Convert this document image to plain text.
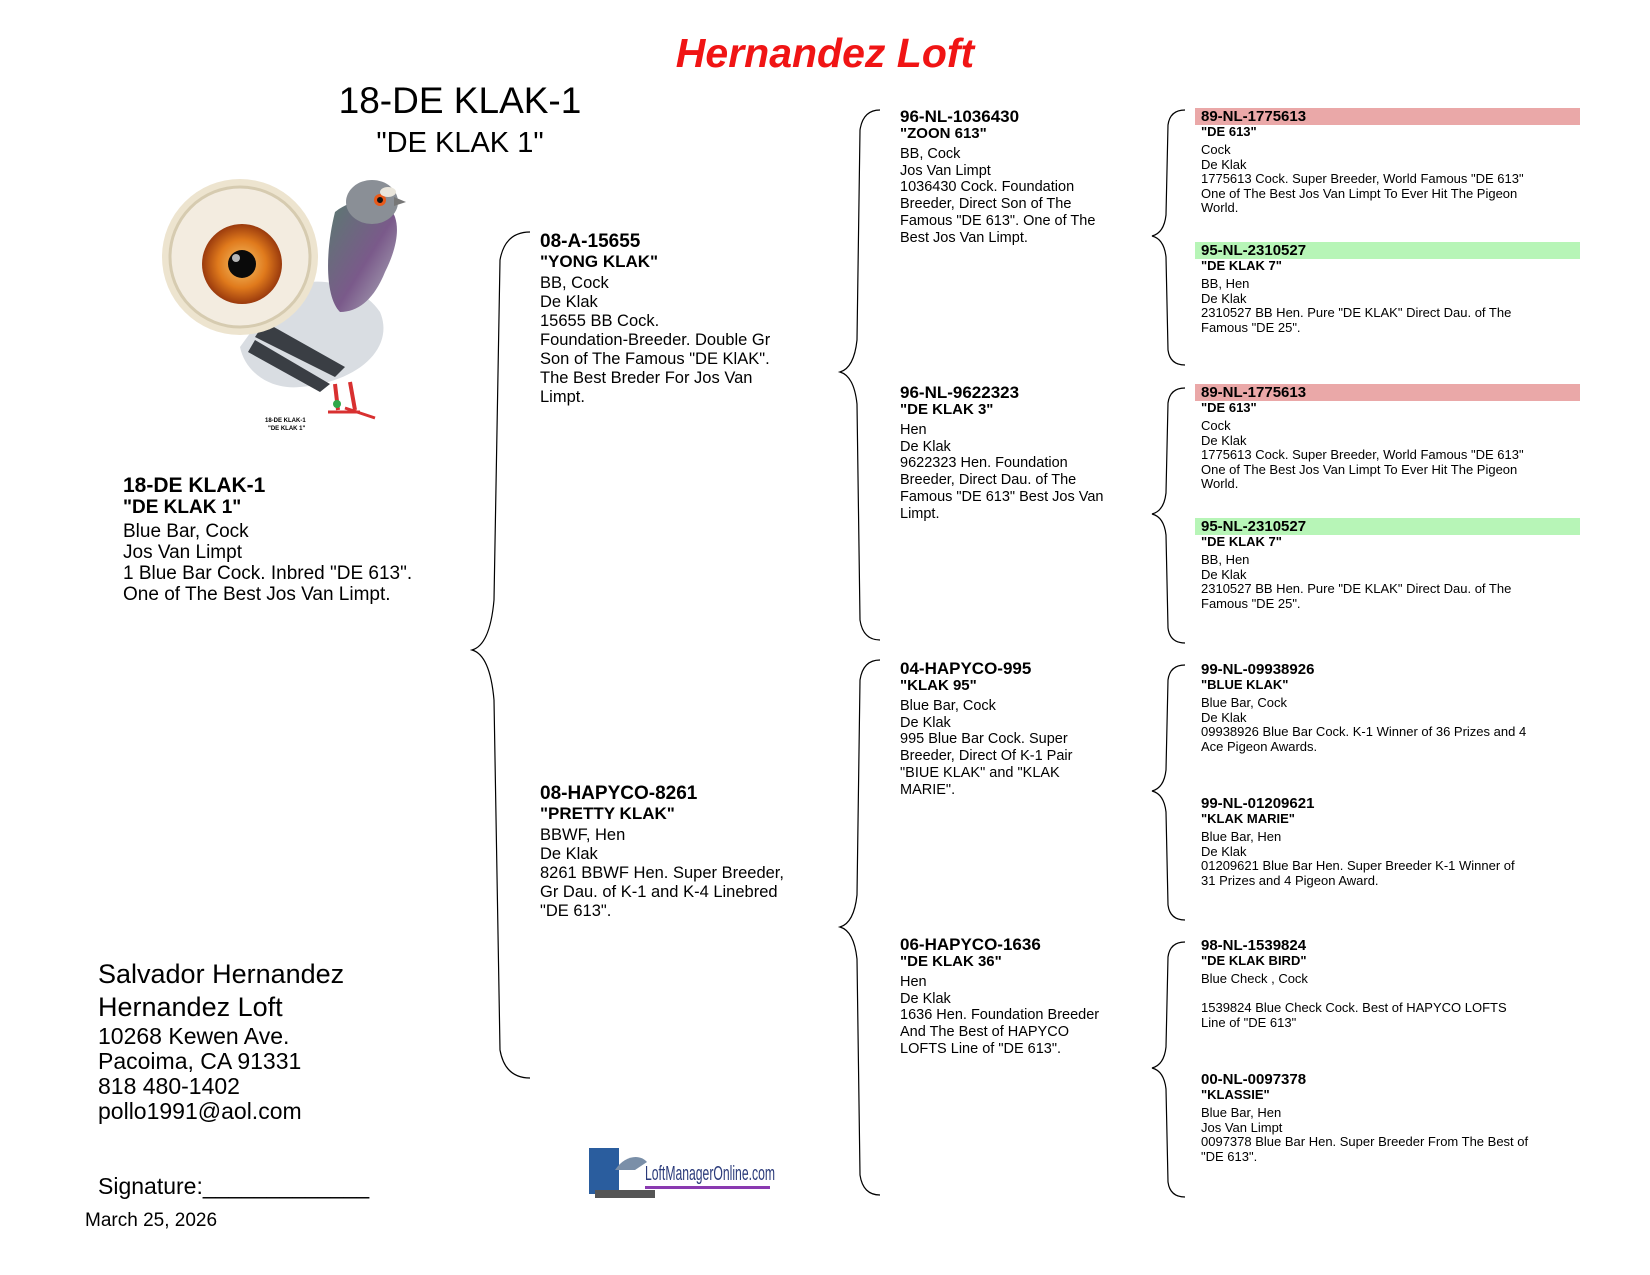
Hernandez Loft
18-DE KLAK-1
"DE KLAK 1"
18-DE KLAK-1
"DE KLAK 1"
18-DE KLAK-1
"DE KLAK 1"
Blue Bar, Cock
Jos Van Limpt
1 Blue Bar Cock. Inbred "DE 613".
One of The Best Jos Van Limpt.
08-A-15655
"YONG KLAK"
BB, Cock
De Klak
15655 BB Cock.
Foundation-Breeder. Double Gr
Son of The Famous "DE KlAK".
The Best Breder For Jos Van
Limpt.
08-HAPYCO-8261
"PRETTY KLAK"
BBWF, Hen
De Klak
8261 BBWF Hen. Super Breeder,
Gr Dau. of K-1 and K-4 Linebred
"DE 613".
96-NL-1036430
"ZOON 613"
BB, Cock
Jos Van Limpt
1036430 Cock. Foundation
Breeder, Direct Son of The
Famous "DE 613". One of The
Best Jos Van Limpt.
96-NL-9622323
"DE KLAK 3"
Hen
De Klak
9622323 Hen. Foundation
Breeder, Direct Dau. of The
Famous "DE 613" Best Jos Van
Limpt.
04-HAPYCO-995
"KLAK 95"
Blue Bar, Cock
De Klak
995 Blue Bar Cock. Super
Breeder, Direct Of K-1 Pair
"BIUE KLAK" and "KLAK
MARIE".
06-HAPYCO-1636
"DE KLAK 36"
Hen
De Klak
1636 Hen. Foundation Breeder
And The Best of HAPYCO
LOFTS Line of "DE 613".
89-NL-1775613
"DE 613"
Cock
De Klak
1775613 Cock. Super Breeder, World Famous "DE 613"
One of The Best Jos Van Limpt To Ever Hit The Pigeon
World.
95-NL-2310527
"DE KLAK 7"
BB, Hen
De Klak
2310527 BB Hen. Pure "DE KLAK" Direct Dau. of The
Famous "DE 25".
89-NL-1775613
"DE 613"
Cock
De Klak
1775613 Cock. Super Breeder, World Famous "DE 613"
One of The Best Jos Van Limpt To Ever Hit The Pigeon
World.
95-NL-2310527
"DE KLAK 7"
BB, Hen
De Klak
2310527 BB Hen. Pure "DE KLAK" Direct Dau. of The
Famous "DE 25".
99-NL-09938926
"BLUE KLAK"
Blue Bar, Cock
De Klak
09938926 Blue Bar Cock. K-1 Winner of 36 Prizes and 4
Ace Pigeon Awards.
99-NL-01209621
"KLAK MARIE"
Blue Bar, Hen
De Klak
01209621 Blue Bar Hen. Super Breeder K-1 Winner of
31 Prizes and 4 Pigeon Award.
98-NL-1539824
"DE KLAK BIRD"
Blue Check , Cock
1539824 Blue Check Cock. Best of HAPYCO LOFTS
Line of "DE 613"
00-NL-0097378
"KLASSIE"
Blue Bar, Hen
Jos Van Limpt
0097378 Blue Bar Hen. Super Breeder From The Best of
"DE 613".
Salvador Hernandez
Hernandez Loft
10268 Kewen Ave.
Pacoima, CA 91331
818 480-1402
pollo1991@aol.com
Signature:_____________
March 25, 2026
LoftManagerOnline.com
